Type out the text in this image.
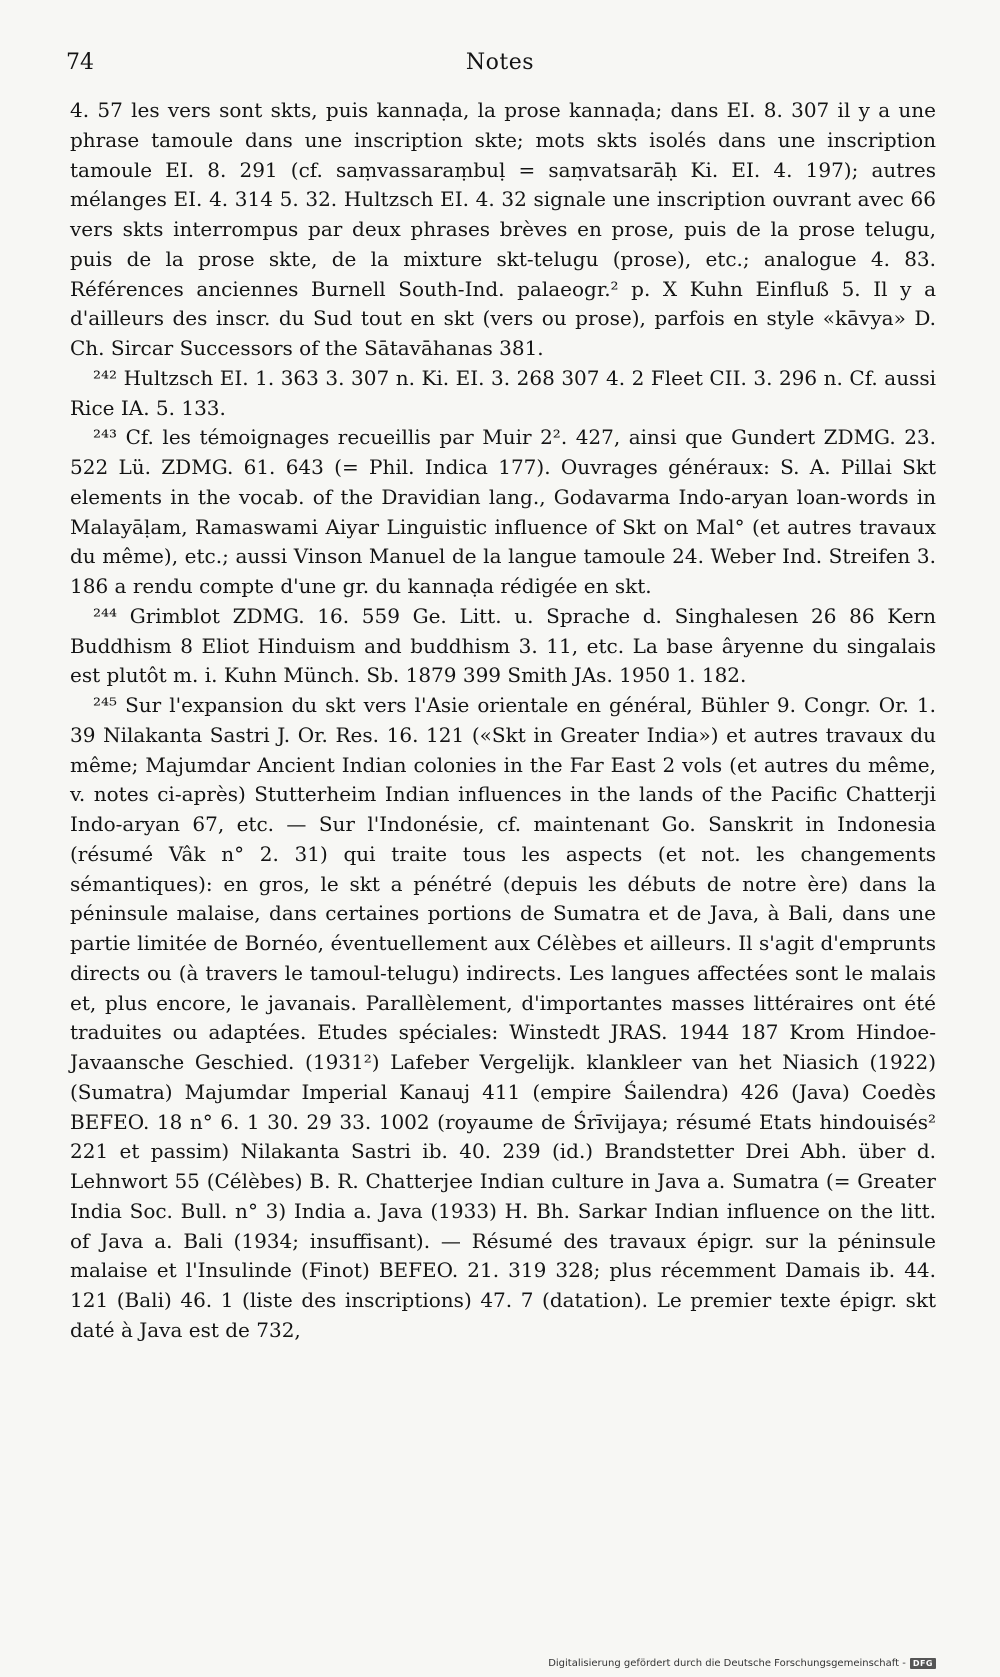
74	Notes

4. 57 les vers sont skts, puis kannaḍa, la prose kannaḍa; dans EI. 8. 307 il y a une phrase tamoule dans une inscription skte; mots skts isolés dans une inscription tamoule EI. 8. 291 (cf. saṃvassaraṃbuḷ = saṃvatsarāḥ Ki. EI. 4. 197); autres mélanges EI. 4. 314 5. 32. Hultzsch EI. 4. 32 signale une inscription ouvrant avec 66 vers skts interrompus par deux phrases brèves en prose, puis de la prose telugu, puis de la prose skte, de la mixture skt-telugu (prose), etc.; analogue 4. 83. Références anciennes Burnell South-Ind. palaeogr.² p. X Kuhn Einfluß 5. Il y a d'ailleurs des inscr. du Sud tout en skt (vers ou prose), parfois en style «kāvya» D. Ch. Sircar Successors of the Sātavāhanas 381.

²⁴² Hultzsch EI. 1. 363 3. 307 n. Ki. EI. 3. 268 307 4. 2 Fleet CII. 3. 296 n. Cf. aussi Rice IA. 5. 133.

²⁴³ Cf. les témoignages recueillis par Muir 2². 427, ainsi que Gundert ZDMG. 23. 522 Lü. ZDMG. 61. 643 (= Phil. Indica 177). Ouvrages généraux: S. A. Pillai Skt elements in the vocab. of the Dravidian lang., Godavarma Indo-aryan loan-words in Malayāḷam, Ramaswami Aiyar Linguistic influence of Skt on Mal° (et autres travaux du même), etc.; aussi Vinson Manuel de la langue tamoule 24. Weber Ind. Streifen 3. 186 a rendu compte d'une gr. du kannaḍa rédigée en skt.

²⁴⁴ Grimblot ZDMG. 16. 559 Ge. Litt. u. Sprache d. Singhalesen 26 86 Kern Buddhism 8 Eliot Hinduism and buddhism 3. 11, etc. La base âryenne du singalais est plutôt m. i. Kuhn Münch. Sb. 1879 399 Smith JAs. 1950 1. 182.

²⁴⁵ Sur l'expansion du skt vers l'Asie orientale en général, Bühler 9. Congr. Or. 1. 39 Nilakanta Sastri J. Or. Res. 16. 121 («Skt in Greater India») et autres travaux du même; Majumdar Ancient Indian colonies in the Far East 2 vols (et autres du même, v. notes ci-après) Stutterheim Indian influences in the lands of the Pacific Chatterji Indo-aryan 67, etc. — Sur l'Indonésie, cf. maintenant Go. Sanskrit in Indonesia (résumé Vâk n° 2. 31) qui traite tous les aspects (et not. les changements sémantiques): en gros, le skt a pénétré (depuis les débuts de notre ère) dans la péninsule malaise, dans certaines portions de Sumatra et de Java, à Bali, dans une partie limitée de Bornéo, éventuellement aux Célèbes et ailleurs. Il s'agit d'emprunts directs ou (à travers le tamoul-telugu) indirects. Les langues affectées sont le malais et, plus encore, le javanais. Parallèlement, d'importantes masses littéraires ont été traduites ou adaptées. Etudes spéciales: Winstedt JRAS. 1944 187 Krom Hindoe-Javaansche Geschied. (1931²) Lafeber Vergelijk. klankleer van het Niasich (1922) (Sumatra) Majumdar Imperial Kanauj 411 (empire Śailendra) 426 (Java) Coedès BEFEO. 18 n° 6. 1 30. 29 33. 1002 (royaume de Śrīvijaya; résumé Etats hindouisés² 221 et passim) Nilakanta Sastri ib. 40. 239 (id.) Brandstetter Drei Abh. über d. Lehnwort 55 (Célèbes) B. R. Chatterjee Indian culture in Java a. Sumatra (= Greater India Soc. Bull. n° 3) India a. Java (1933) H. Bh. Sarkar Indian influence on the litt. of Java a. Bali (1934; insuffisant). — Résumé des travaux épigr. sur la péninsule malaise et l'Insulinde (Finot) BEFEO. 21. 319 328; plus récemment Damais ib. 44. 121 (Bali) 46. 1 (liste des inscriptions) 47. 7 (datation). Le premier texte épigr. skt daté à Java est de 732,

Digitalisierung gefördert durch die Deutsche Forschungsgemeinschaft - DFG
